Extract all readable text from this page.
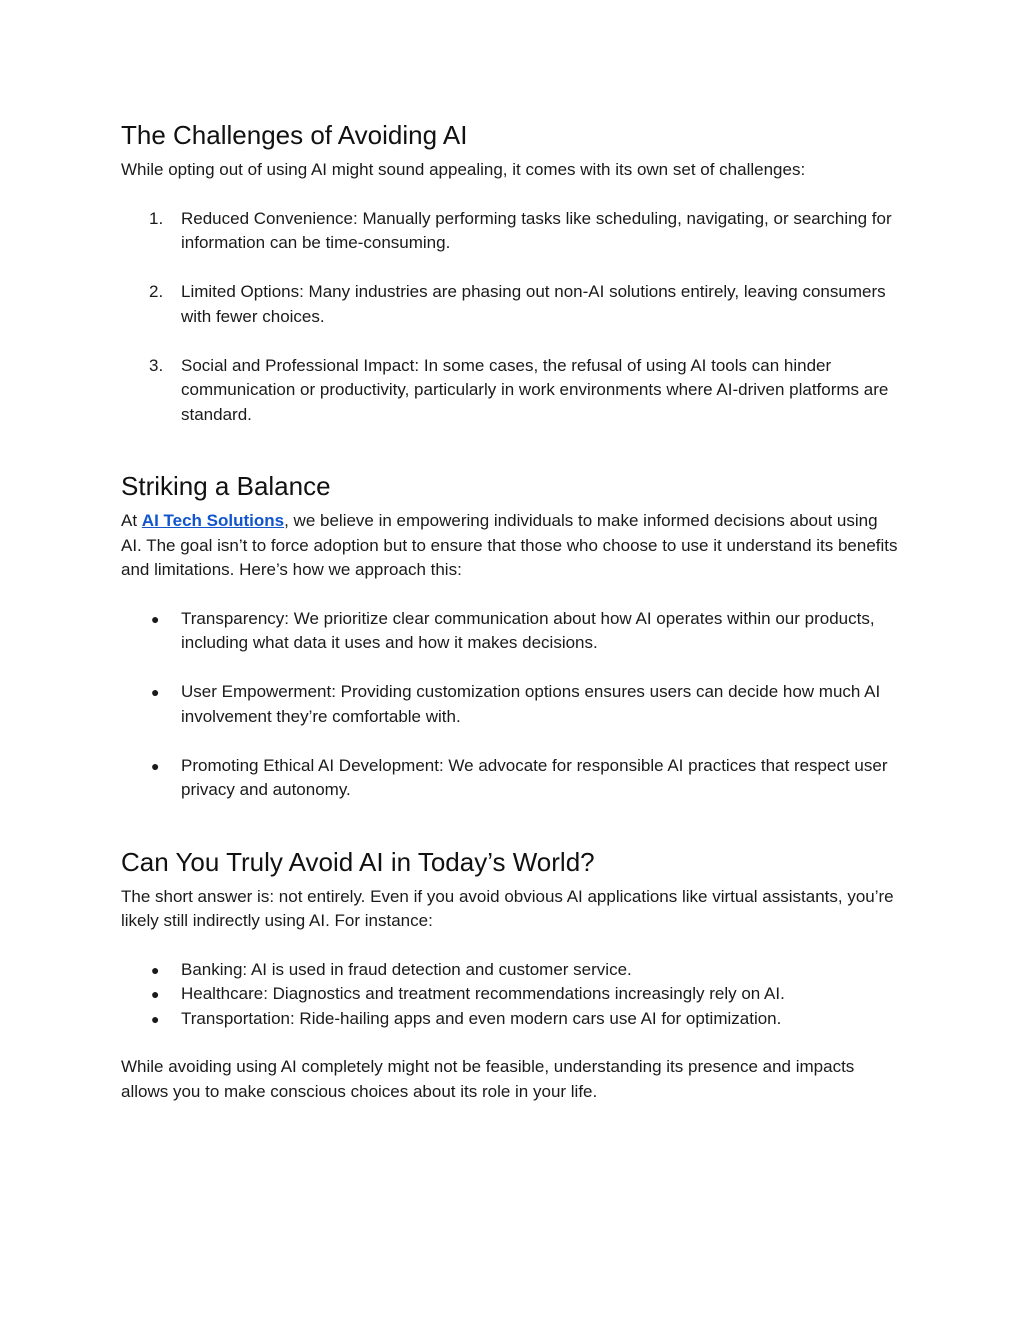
The Challenges of Avoiding AI

While opting out of using AI might sound appealing, it comes with its own set of challenges:

1.	Reduced Convenience: Manually performing tasks like scheduling, navigating, or searching for information can be time-consuming.
2.	Limited Options: Many industries are phasing out non-AI solutions entirely, leaving consumers with fewer choices.
3.	Social and Professional Impact: In some cases, the refusal of using AI tools can hinder communication or productivity, particularly in work environments where AI-driven platforms are standard.
Striking a Balance

At AI Tech Solutions, we believe in empowering individuals to make informed decisions about using AI. The goal isn’t to force adoption but to ensure that those who choose to use it understand its benefits and limitations. Here’s how we approach this:

●	Transparency: We prioritize clear communication about how AI operates within our products, including what data it uses and how it makes decisions.
●	User Empowerment: Providing customization options ensures users can decide how much AI involvement they’re comfortable with.
●	Promoting Ethical AI Development: We advocate for responsible AI practices that respect user privacy and autonomy.
Can You Truly Avoid AI in Today’s World?

The short answer is: not entirely. Even if you avoid obvious AI applications like virtual assistants, you’re likely still indirectly using AI. For instance:

●	Banking: AI is used in fraud detection and customer service.
●	Healthcare: Diagnostics and treatment recommendations increasingly rely on AI.
●	Transportation: Ride-hailing apps and even modern cars use AI for optimization.

While avoiding using AI completely might not be feasible, understanding its presence and impacts allows you to make conscious choices about its role in your life.
